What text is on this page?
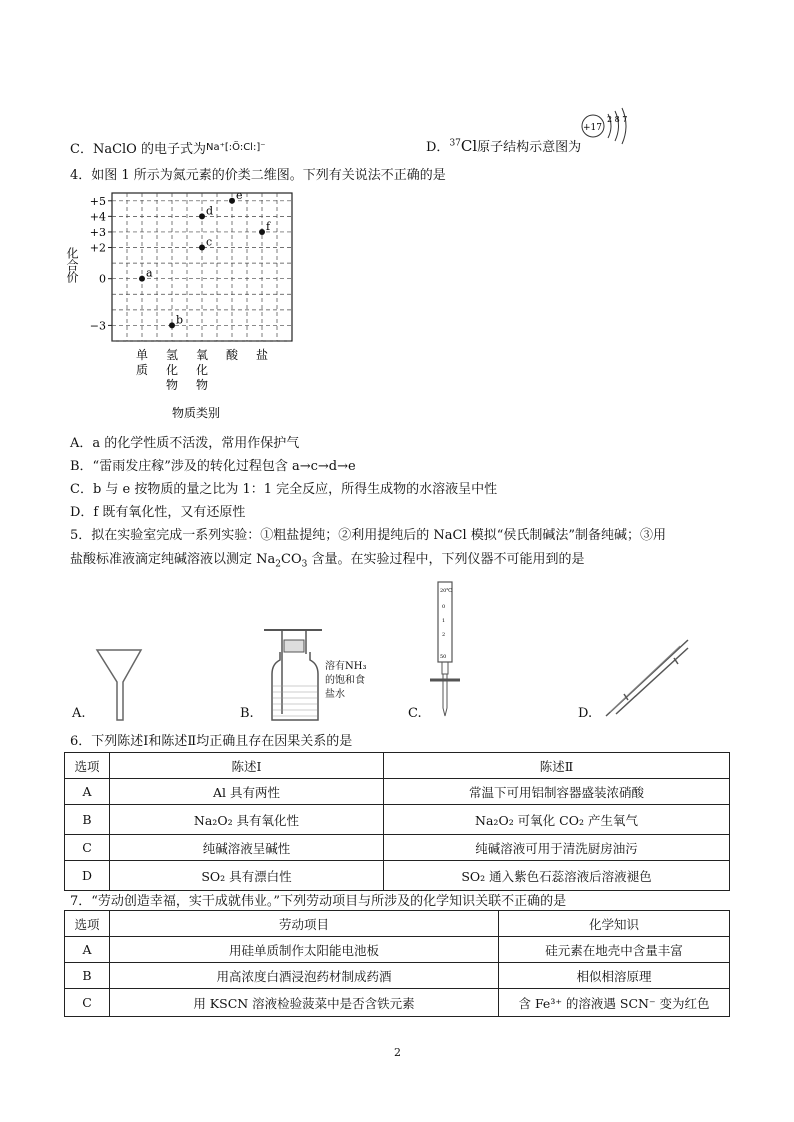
C．NaClO 的电子式为$^{Na^+[:Ö:Cl:]^-}$	D．$^{37}$Cl原子结构示意图为
+17
2 8 7
4．如图 1 所示为氮元素的价类二维图。下列有关说法不正确的是
化合价
+5
+4
+3
+2
0
−3
单
质
氢
化
物
氧
化
物
酸 盐
a
b
c
d
e
f
物质类别
A．a 的化学性质不活泼，常用作保护气
B．“雷雨发庄稼”涉及的转化过程包含 a→c→d→e
C．b 与 e 按物质的量之比为 1：1 完全反应，所得生成物的水溶液呈中性
D．f 既有氧化性，又有还原性
5．拟在实验室完成一系列实验：①粗盐提纯；②利用提纯后的 NaCl 模拟“侯氏制碱法”制备纯碱；③用
盐酸标准液滴定纯碱溶液以测定 $Na_2CO_3$ 含量。在实验过程中，下列仪器不可能用到的是
溶有NH₃
的饱和食
盐水
20℃
0
1
2
50
A.	B.	C.	D.
6．下列陈述Ⅰ和陈述Ⅱ均正确且存在因果关系的是
选项	陈述Ⅰ	陈述Ⅱ
A	Al 具有两性	常温下可用铝制容器盛装浓硝酸
B	Na₂O₂ 具有氧化性	Na₂O₂ 可氧化 CO₂ 产生氧气
C	纯碱溶液呈碱性	纯碱溶液可用于清洗厨房油污
D	SO₂ 具有漂白性	SO₂ 通入紫色石蕊溶液后溶液褪色
7．“劳动创造幸福，实干成就伟业。”下列劳动项目与所涉及的化学知识关联不正确的是
选项	劳动项目	化学知识
A	用硅单质制作太阳能电池板	硅元素在地壳中含量丰富
B	用高浓度白酒浸泡药材制成药酒	相似相溶原理
C	用 KSCN 溶液检验菠菜中是否含铁元素	含 Fe³⁺ 的溶液遇 SCN⁻ 变为红色
2
